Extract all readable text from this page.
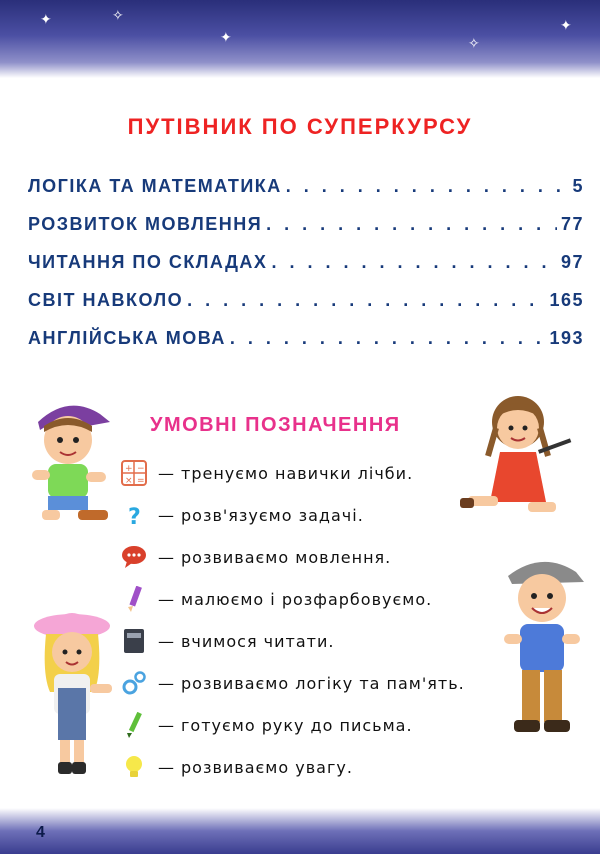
✦	✧
✦	✧
✦
ПУТІВНИК ПО СУПЕРКУРСУ
ЛОГІКА ТА МАТЕМАТИКА . . .	5
РОЗВИТОК МОВЛЕННЯ . . .	77
ЧИТАННЯ ПО СКЛАДАХ . . .	97
СВІТ НАВКОЛО . . .	165
АНГЛІЙСЬКА МОВА . . .	193
УМОВНІ ПОЗНАЧЕННЯ
+ −
× = — тренуємо навички лічби.
? — розв'язуємо задачі.
— розвиваємо мовлення.
— малюємо і розфарбовуємо.
— вчимося читати.
— розвиваємо логіку та пам'ять.
— готуємо руку до письма.
— розвиваємо увагу.
4
